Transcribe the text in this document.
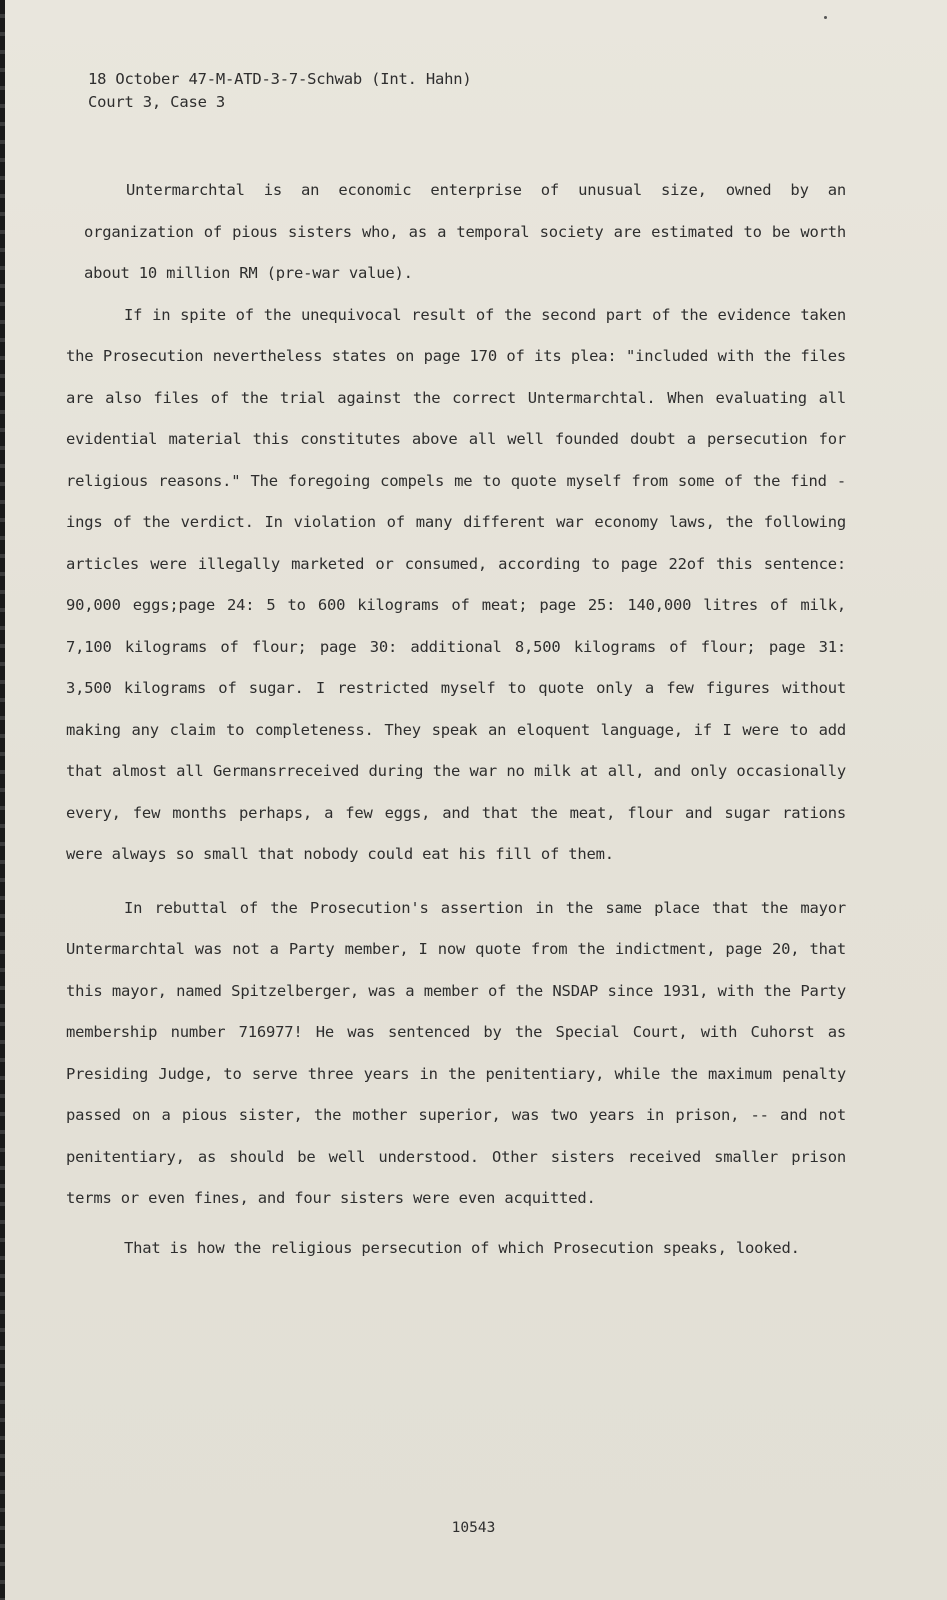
18 October 47-M-ATD-3-7-Schwab (Int. Hahn)
Court 3, Case 3

Untermarchtal is an economic enterprise of unusual size, owned by an organization of pious sisters who, as a temporal society are estimated to be worth about 10 million RM (pre-war value).

If in spite of the unequivocal result of the second part of the evidence taken the Prosecution nevertheless states on page 170 of its plea: "included with the files are also files of the trial against the correct Untermarchtal. When evaluating all evidential material this constitutes above all well founded doubt a persecution for religious reasons." The foregoing compels me to quote myself from some of the find - ings of the verdict. In violation of many different war economy laws, the following articles were illegally marketed or consumed, according to page 22of this sentence: 90,000 eggs;page 24: 5 to 600 kilograms of meat; page 25: 140,000 litres of milk, 7,100 kilograms of flour; page 30: additional 8,500 kilograms of flour; page 31: 3,500 kilograms of sugar. I restricted myself to quote only a few figures without making any claim to completeness. They speak an eloquent language, if I were to add that almost all Germansrreceived during the war no milk at all, and only occasionally every, few months perhaps, a few eggs, and that the meat, flour and sugar rations were always so small that nobody could eat his fill of them.

In rebuttal of the Prosecution's assertion in the same place that the mayor Untermarchtal was not a Party member, I now quote from the indictment, page 20, that this mayor, named Spitzelberger, was a member of the NSDAP since 1931, with the Party membership number 716977! He was sentenced by the Special Court, with Cuhorst as Presiding Judge, to serve three years in the penitentiary, while the maximum penalty passed on a pious sister, the mother superior, was two years in prison, -- and not penitentiary, as should be well understood. Other sisters received smaller prison terms or even fines, and four sisters were even acquitted.

That is how the religious persecution of which Prosecution speaks, looked.

10543
